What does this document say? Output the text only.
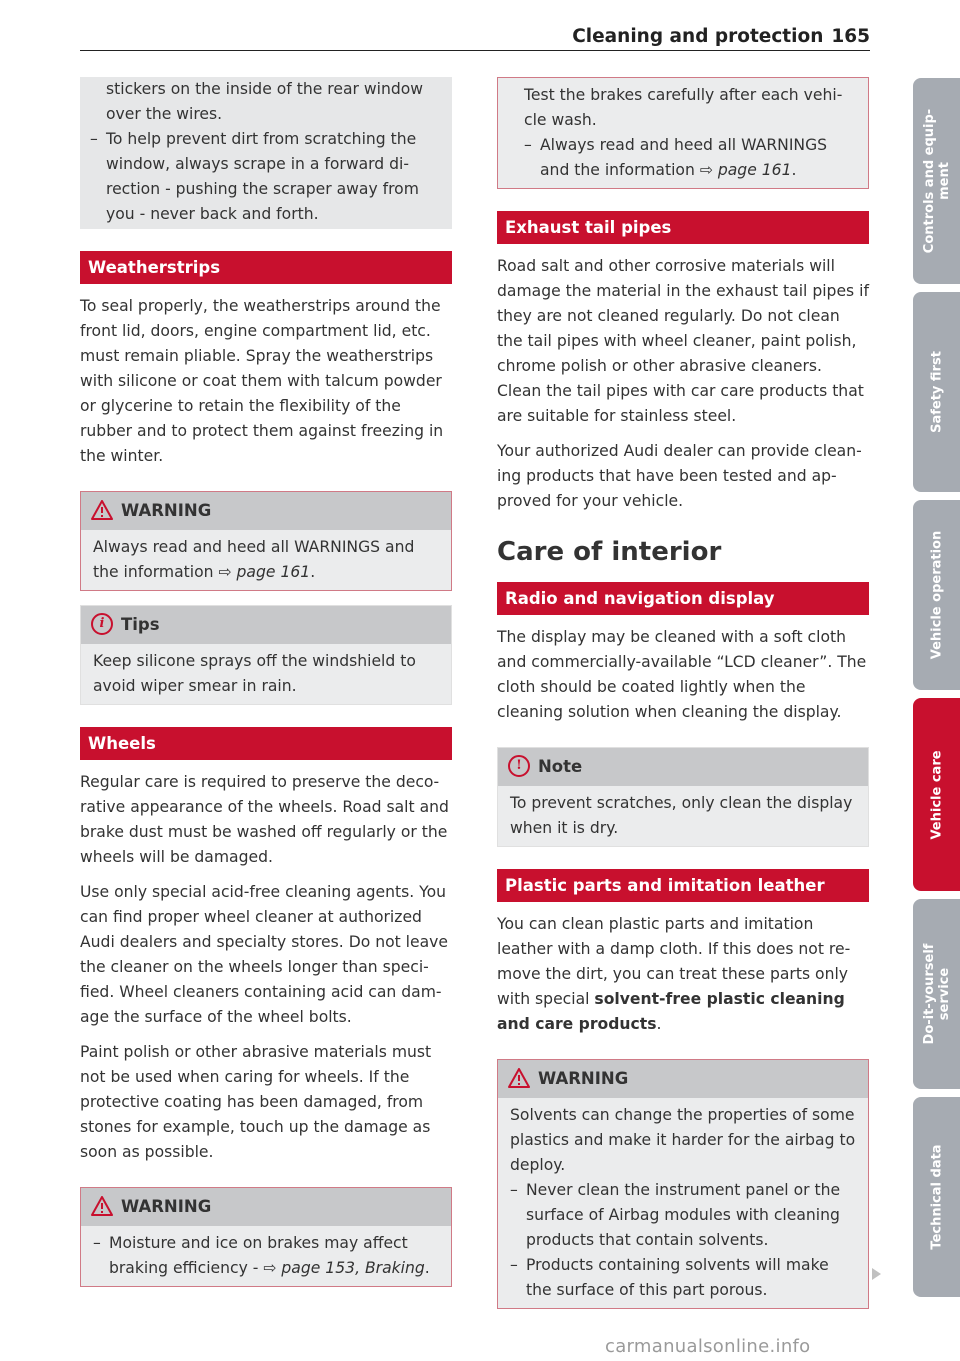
Cleaning and protection 165

stickers on the inside of the rear window over the wires.

– To help prevent dirt from scratching the window, always scrape in a forward direction - pushing the scraper away from you - never back and forth.

Weatherstrips

To seal properly, the weatherstrips around the front lid, doors, engine compartment lid, etc. must remain pliable. Spray the weatherstrips with silicone or coat them with talcum powder or glycerine to retain the flexibility of the rubber and to protect them against freezing in the winter.

WARNING

Always read and heed all WARNINGS and the information ⇨ page 161.

i Tips

Keep silicone sprays off the windshield to avoid wiper smear in rain.

Wheels

Regular care is required to preserve the decorative appearance of the wheels. Road salt and brake dust must be washed off regularly or the wheels will be damaged.

Use only special acid-free cleaning agents. You can find proper wheel cleaner at authorized Audi dealers and specialty stores. Do not leave the cleaner on the wheels longer than specified. Wheel cleaners containing acid can damage the surface of the wheel bolts.

Paint polish or other abrasive materials must not be used when caring for wheels. If the protective coating has been damaged, from stones for example, touch up the damage as soon as possible.

WARNING

– Moisture and ice on brakes may affect braking efficiency - ⇨ page 153, Braking.

Test the brakes carefully after each vehicle wash.

– Always read and heed all WARNINGS and the information ⇨ page 161.

Exhaust tail pipes

Road salt and other corrosive materials will damage the material in the exhaust tail pipes if they are not cleaned regularly. Do not clean the tail pipes with wheel cleaner, paint polish, chrome polish or other abrasive cleaners. Clean the tail pipes with car care products that are suitable for stainless steel.

Your authorized Audi dealer can provide cleaning products that have been tested and approved for your vehicle.

Care of interior

Radio and navigation display

The display may be cleaned with a soft cloth and commercially-available “LCD cleaner”. The cloth should be coated lightly when the cleaning solution when cleaning the display.

! Note

To prevent scratches, only clean the display when it is dry.

Plastic parts and imitation leather

You can clean plastic parts and imitation leather with a damp cloth. If this does not remove the dirt, you can treat these parts only with special solvent-free plastic cleaning and care products.

WARNING

Solvents can change the properties of some plastics and make it harder for the airbag to deploy.

– Never clean the instrument panel or the surface of Airbag modules with cleaning products that contain solvents.

– Products containing solvents will make the surface of this part porous.

Controls and equip-
ment
Safety first
Vehicle operation
Vehicle care
Do-it-yourself
service
Technical data
carmanualsonline.info
